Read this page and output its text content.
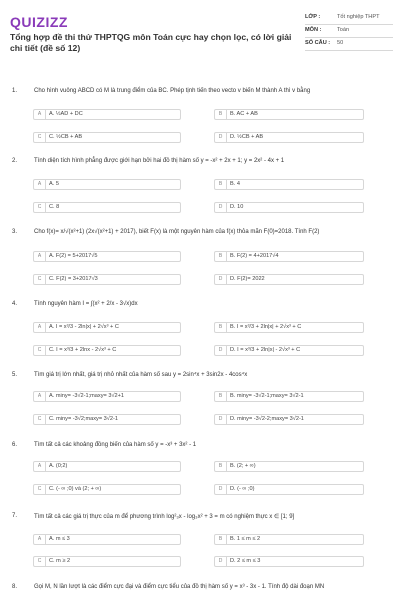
QUIZIZZ
Tổng hợp đề thi thử THPTQG môn Toán cực hay chọn lọc, có lời giải chi tiết (đề số 12)
LỚP :	Tốt nghiệp THPT
MÔN :	Toán
SỐ CÂU :	50
1.	Cho hình vuông ABCD có M là trung điểm của BC. Phép tịnh tiến theo vecto v biến M thành A thì v bằng
A	A. ½AD + DC	B	B. AC + AB
C	C. ½CB + AB	D	D. ½CB + AB
2.	Tính diện tích hình phẳng được giới hạn bởi hai đồ thị hàm số y = -x² + 2x + 1; y = 2x² - 4x + 1
A	A. 5	B	B. 4
C	C. 8	D	D. 10
3.	Cho f(x)= x/√(x²+1) (2x√(x²+1) + 2017), biết F(x) là một nguyên hàm của f(x) thỏa mãn F(0)=2018. Tính F(2)
A	A. F(2) = 5+2017√5	B	B. F(2) = 4+2017√4
C	C. F(2) = 3+2017√3	D	D. F(2)= 2022
4.	Tính nguyên hàm I = ∫(x² + 2/x - 3√x)dx
A	A. I = x³/3 - 2ln|x| + 2√x³ + C	B	B. I = x³/3 + 2ln|x| + 2√x³ + C
C	C. I = x³/3 + 2lnx - 2√x³ + C	D	D. I = x³/3 + 2ln|x| - 2√x³ + C
5.	Tìm giá trị lớn nhất, giá trị nhỏ nhất của hàm số sau y = 2sin⁴x + 3sin2x - 4cos⁴x
A	A. miny= -3√2-1;maxy= 3√2+1	B	B. miny= -3√2-1;maxy= 3√2-1
C	C. miny= -3√2;maxy= 3√2-1	D	D. miny= -3√2-2;maxy= 3√2-1
6.	Tìm tất cả các khoảng đồng biến của hàm số y = -x³ + 3x² - 1
A	A. (0;2)	B	B. (2; + ∞)
C	C. (- ∞ ;0) và (2; + ∞)	D	D. (- ∞ ;0)
7.	Tìm tất cả các giá trị thực của m để phương trình log²₃x - log₃x² + 3 = m có nghiệm thực x ∈ [1; 9]
A	A. m ≤ 3	B	B. 1 ≤ m ≤ 2
C	C. m ≥ 2	D	D. 2 ≤ m ≤ 3
8.	Gọi M, N lần lượt là các điểm cực đại và điểm cực tiểu của đồ thị hàm số y = x³ - 3x - 1. Tính độ dài đoạn MN
